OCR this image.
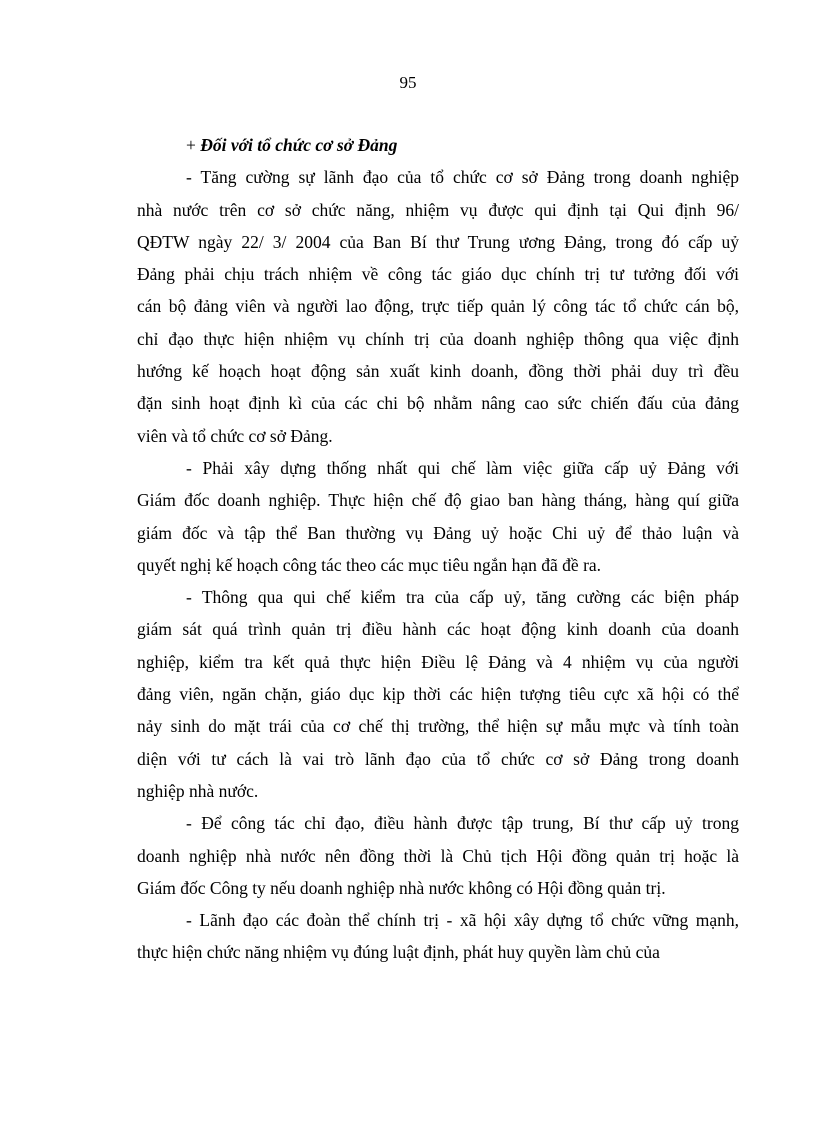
95
+ Đối với tổ chức cơ sở Đảng
- Tăng cường sự lãnh đạo của tổ chức cơ sở Đảng trong doanh nghiệp
nhà nước trên cơ sở chức năng, nhiệm vụ được qui định tại Qui định 96/
QĐTW ngày 22/ 3/ 2004 của Ban Bí thư Trung ương Đảng, trong đó cấp uỷ
Đảng phải chịu trách nhiệm về công tác giáo dục chính trị tư tưởng đối với
cán bộ đảng viên và người lao động, trực tiếp quản lý công tác tổ chức cán bộ,
chỉ đạo thực hiện nhiệm vụ chính trị của doanh nghiệp thông qua việc định
hướng kế hoạch hoạt động sản xuất kinh doanh, đồng thời phải duy trì đều
đặn sinh hoạt định kì của các chi bộ nhằm nâng cao sức chiến đấu của đảng
viên và tổ chức cơ sở Đảng.
- Phải xây dựng thống nhất qui chế làm việc giữa cấp uỷ Đảng với
Giám đốc doanh nghiệp. Thực hiện chế độ giao ban hàng tháng, hàng quí giữa
giám đốc và tập thể Ban thường vụ Đảng uỷ hoặc Chi uỷ để thảo luận và
quyết nghị kế hoạch công tác theo các mục tiêu ngắn hạn đã đề ra.
- Thông qua qui chế kiểm tra của cấp uỷ, tăng cường các biện pháp
giám sát quá trình quản trị điều hành các hoạt động kinh doanh của doanh
nghiệp, kiểm tra kết quả thực hiện Điều lệ Đảng và 4 nhiệm vụ của người
đảng viên, ngăn chặn, giáo dục kịp thời các hiện tượng tiêu cực xã hội có thể
nảy sinh do mặt trái của cơ chế thị trường, thể hiện sự mẫu mực và tính toàn
diện với tư cách là vai trò lãnh đạo của tổ chức cơ sở Đảng trong doanh
nghiệp nhà nước.
- Để công tác chỉ đạo, điều hành được tập trung, Bí thư cấp uỷ trong
doanh nghiệp nhà nước nên đồng thời là Chủ tịch Hội đồng quản trị hoặc là
Giám đốc Công ty nếu doanh nghiệp nhà nước không có Hội đồng quản trị.
- Lãnh đạo các đoàn thể chính trị - xã hội xây dựng tổ chức vững mạnh,
thực hiện chức năng nhiệm vụ đúng luật định, phát huy quyền làm chủ của
